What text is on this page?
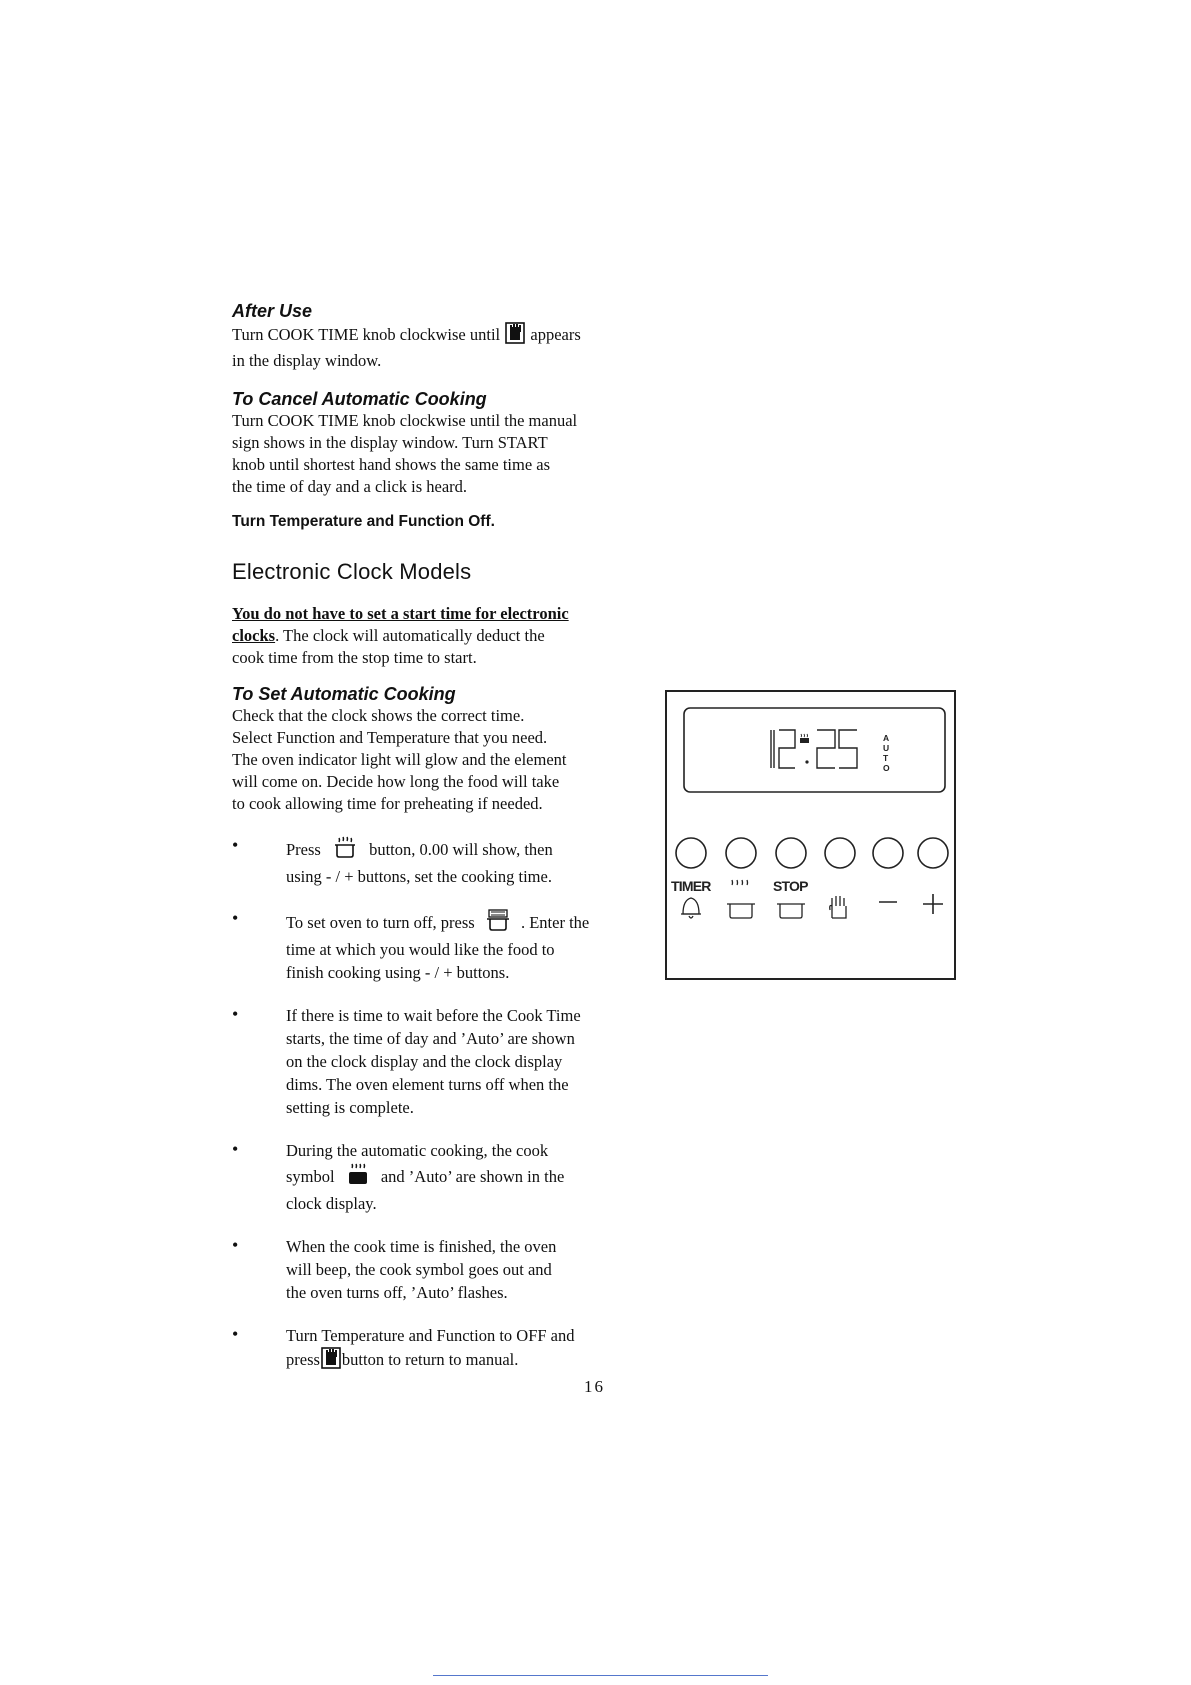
After Use

Turn COOK TIME knob clockwise until appears
in the display window.

To Cancel Automatic Cooking

Turn COOK TIME knob clockwise until the manual
sign shows in the display window. Turn START
knob until shortest hand shows the same time as
the time of day and a click is heard.

Turn Temperature and Function Off.

Electronic Clock Models

You do not have to set a start time for electronic
clocks. The clock will automatically deduct the
cook time from the stop time to start.

To Set Automatic Cooking

Check that the clock shows the correct time.
Select Function and Temperature that you need.
The oven indicator light will glow and the element
will come on. Decide how long the food will take
to cook allowing time for preheating if needed.

•	Press	button, 0.00 will show, then
using - / + buttons, set the cooking time.
•	To set oven to turn off, press	. Enter the
time at which you would like the food to
finish cooking using - / + buttons.
•	If there is time to wait before the Cook Time
starts, the time of day and ’Auto’ are shown
on the clock display and the clock display
dims. The oven element turns off when the
setting is complete.
•	During the automatic cooking, the cook
symbol	and ’Auto’ are shown in the
clock display.
•	When the cook time is finished, the oven
will beep, the cook symbol goes out and
the oven turns off, ’Auto’ flashes.
•	Turn Temperature and Function to OFF and
press button to return to manual.
A
U
T
O
TIMER	STOP
16
